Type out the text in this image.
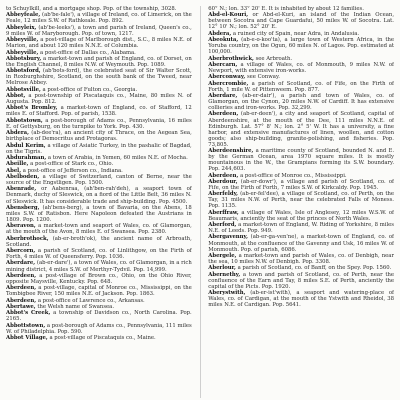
to Schuylkill, and a mortgage shop. Pop. of the township, 3028.

Abbeyfeale, (ab'be-fale'), a village of Ireland, co. of Limerick, on the Feale, 12 miles S.W. of Rathkeale. Pop. 892.

Abbeyleix, (ab'be-leeks'), a town and parish of Ireland, Queen's co., 9 miles W. of Maryborough. Pop. of town, 1217.

Abbeyville, a post-village of Marlborough dist., S.C., 8 miles N.E. of Marion, and about 120 miles N.N.E. of Columbia.

Abbeyville, a post-office of Dallas co., Alabama.

Abbotsbury, a market-town and parish of England, co. of Dorset, on the English Channel, 8 miles N.W. of Weymouth. Pop. 1089.

Abbotsford, (ab'bots-ford), the celebrated seat of Sir Walter Scott, in Roxburghshire, Scotland, on the south bank of the Tweed, near Melrose Abbey.

Abbotsville, a post-office of Fulton co., Georgia.

Abbot, a post-township of Piscataquis co., Maine, 80 miles N. of Augusta. Pop. 812.

Abbot's Bromley, a market-town of England, co. of Stafford, 12 miles E. of Stafford. Pop. of parish, 1538.

Abbotstown, a post-borough of Adams co., Pennsylvania, 16 miles E. of Gettysburg, on the turnpike to York. Pop. 430.

Abdera, (ab-dee'ra), an ancient city of Thrace, on the Aegean Sea, birthplace of Democritus and Protagoras.

Abdul Kerim, a village of Asiatic Turkey, in the pashalic of Bagdad, on the Tigris.

Abdurahman, a town of Arabia, in Yemen, 60 miles N.E. of Mocha.

Abeille, a post-office of Stark co., Ohio.

Abel, a post-office of Jefferson co., Indiana.

Abelboden, a village of Switzerland, canton of Berne, near the source of the Engstligen. Pop. 1500.

Abenrade, or Aabenraa, (ah'ben-rah'deh), a seaport town of Denmark, duchy of Sleswick, on a fiord of the Little Belt, 36 miles N. of Sleswick. It has considerable trade and ship-building. Pop. 4500.

Abensberg, (ah'bens-berg), a town of Bavaria, on the Abens, 18 miles S.W. of Ratisbon. Here Napoleon defeated the Austrians in 1809. Pop. 1200.

Aberavon, a market-town and seaport of Wales, co. of Glamorgan, at the mouth of the Avon, 8 miles E. of Swansea. Pop. 2380.

Aberbrothock, (ab-er-broth'ok), the ancient name of Arbroath, Scotland.

Abercorn, a parish of Scotland, co. of Linlithgow, on the Firth of Forth, 4 miles W. of Queensferry. Pop. 1036.

Aberdare, (ab-er-dare'), a town of Wales, co. of Glamorgan, in a rich mining district, 4 miles S.W. of Merthyr-Tydvil. Pop. 14,999.

Aberdeen, a post-village of Brown co., Ohio, on the Ohio River, opposite Maysville, Kentucky. Pop. 648.

Aberdeen, a post-village, capital of Monroe co., Mississippi, on the Tombigbee River, 150 miles N.E. of Jackson. Pop. 1863.

Aberdeen, a post-office of Lawrence co., Arkansas.

Abertawe, the Welsh name of Swansea.

Abbot's Creek, a township of Davidson co., North Carolina. Pop. 2165.

Abbottstown, a post-borough of Adams co., Pennsylvania, 111 miles W. of Philadelphia. Pop. 590.

Abbot Village, a post-village of Piscataquis co., Maine.

60° N.; lon. 33° 20' E. It is inhabited by about 12 families.

Abd-el-Kouri, or Abd-el-Kuri, an island of the Indian Ocean, between Socotra and Cape Guardafui, 50 miles W. of Socotra. Lat. 12° 10' N.; lon. 52° 20' E.

Abdera, a ruined city of Spain, near Adra, in Andalusia.

Abeokuta, (ab-e-o-koo'ta), a large town of Western Africa, in the Yoruba country, on the Ogun, 60 miles N. of Lagos. Pop. estimated at 100,000.

Aberbrothwick, see Arbroath.

Abercarn, a village of Wales, co. of Monmouth, 9 miles N.W. of Newport, with extensive iron-works.

Aberconway, see Conway.

Abercrombie, a parish of Scotland, co. of Fife, on the Firth of Forth, 1 mile W. of Pittenweem. Pop. 877.

Aberdare, (ab-er-dair'), a parish and town of Wales, co. of Glamorgan, on the Cynon, 20 miles N.W. of Cardiff. It has extensive collieries and iron-works. Pop. 32,299.

Aberdeen, (ab-er-deen'), a city and seaport of Scotland, capital of Aberdeenshire, at the mouth of the Dee, 111 miles N.N.E. of Edinburgh. Lat. 57° 8' N.; lon. 2° 5' W. It has a university, a fine harbor, and extensive manufactures of linen, woollen, and cotton goods; also ship-building, granite-polishing, and fisheries. Pop. 73,805.

Aberdeenshire, a maritime county of Scotland, bounded N. and E. by the German Ocean, area 1970 square miles. It is mostly mountainous in the W., the Grampians forming its S.W. boundary. Pop. 244,603.

Aberdeen, a post-office of Monroe co., Mississippi.

Aberdour, (ab-er-dowr'), a village and parish of Scotland, co. of Fife, on the Firth of Forth, 7 miles S.W. of Kirkcaldy. Pop. 1945.

Aberfeldy, (ab-er-fel'dee), a village of Scotland, co. of Perth, on the Tay, 31 miles N.W. of Perth, near the celebrated Falls of Moness. Pop. 1135.

Aberffraw, a village of Wales, Isle of Anglesey, 12 miles W.S.W. of Beaumaris, anciently the seat of the princes of North Wales.

Aberford, a market-town of England, W. Riding of Yorkshire, 8 miles N.E. of Leeds. Pop. 949.

Abergavenny, (ab-er-ga-ven'ne), a market-town of England, co. of Monmouth, at the confluence of the Gavenny and Usk, 16 miles W. of Monmouth. Pop. of parish, 6086.

Abergele, a market-town and parish of Wales, co. of Denbigh, near the sea, 10 miles N.W. of Denbigh. Pop. 3308.

Aberlour, a parish of Scotland, co. of Banff, on the Spey. Pop. 1560.

Abernethy, a town and parish of Scotland, co. of Perth, near the confluence of the Earn and Tay, 8 miles S.E. of Perth, anciently the capital of the Picts. Pop. 1920.

Aberystwith, (ab-er-ist'with), a seaport and watering-place of Wales, co. of Cardigan, at the mouth of the Ystwith and Rheidol, 38 miles N.E. of Cardigan. Pop. 5641.
